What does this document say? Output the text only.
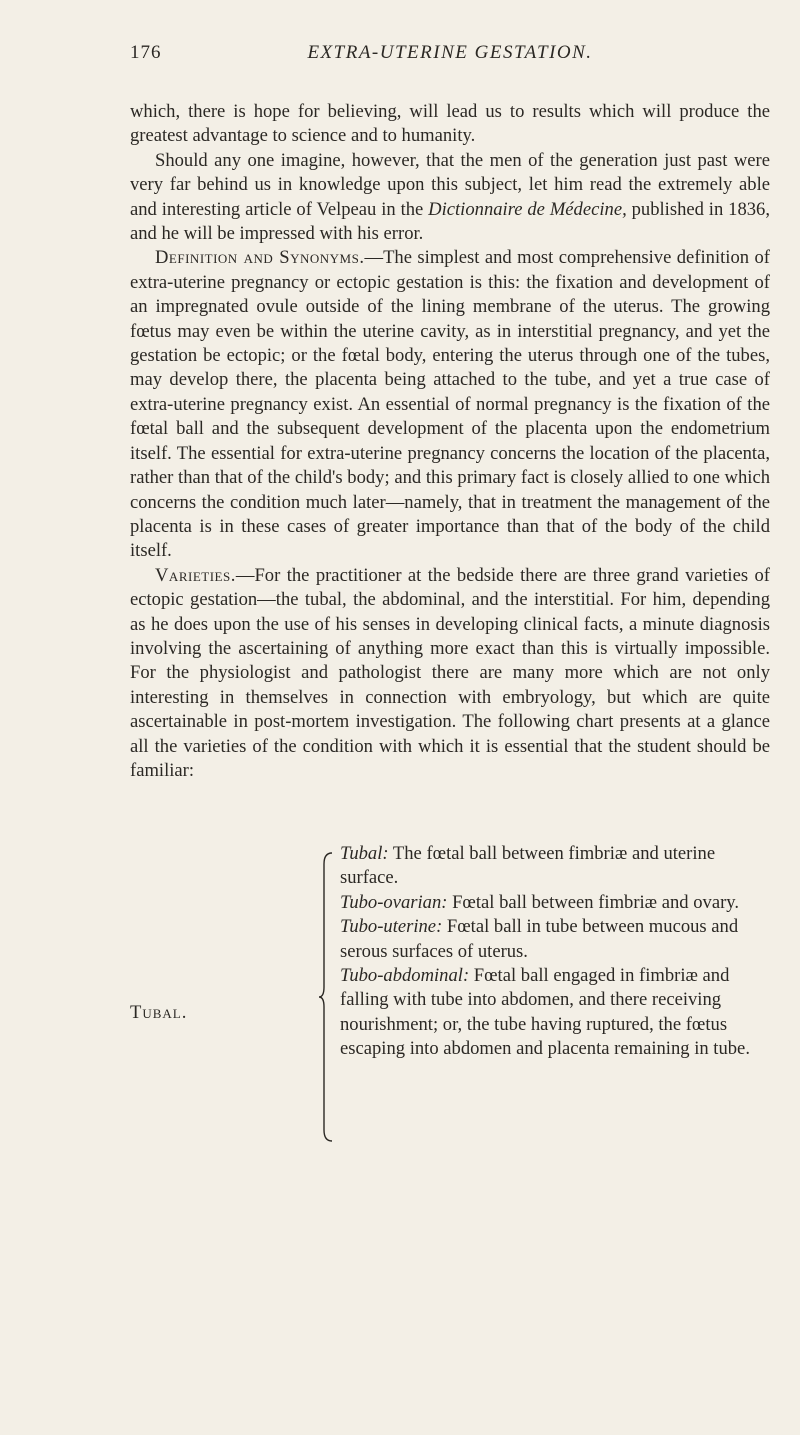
176	EXTRA-UTERINE GESTATION.

which, there is hope for believing, will lead us to results which will produce the greatest advantage to science and to humanity.

Should any one imagine, however, that the men of the generation just past were very far behind us in knowledge upon this subject, let him read the extremely able and interesting article of Velpeau in the Dictionnaire de Médecine, published in 1836, and he will be impressed with his error.

Definition and Synonyms.—The simplest and most comprehensive definition of extra-uterine pregnancy or ectopic gestation is this: the fixation and development of an impregnated ovule outside of the lining membrane of the uterus. The growing fœtus may even be within the uterine cavity, as in interstitial pregnancy, and yet the gestation be ectopic; or the fœtal body, entering the uterus through one of the tubes, may develop there, the placenta being attached to the tube, and yet a true case of extra-uterine pregnancy exist. An essential of normal pregnancy is the fixation of the fœtal ball and the subsequent development of the placenta upon the endometrium itself. The essential for extra-uterine pregnancy concerns the location of the placenta, rather than that of the child's body; and this primary fact is closely allied to one which concerns the condition much later—namely, that in treatment the management of the placenta is in these cases of greater importance than that of the body of the child itself.

Varieties.—For the practitioner at the bedside there are three grand varieties of ectopic gestation—the tubal, the abdominal, and the interstitial. For him, depending as he does upon the use of his senses in developing clinical facts, a minute diagnosis involving the ascertaining of anything more exact than this is virtually impossible. For the physiologist and pathologist there are many more which are not only interesting in themselves in connection with embryology, but which are quite ascertainable in post-mortem investigation. The following chart presents at a glance all the varieties of the condition with which it is essential that the student should be familiar:

Tubal.

Tubal: The fœtal ball between fimbriæ and uterine surface.

Tubo-ovarian: Fœtal ball between fimbriæ and ovary.

Tubo-uterine: Fœtal ball in tube between mucous and serous surfaces of uterus.

Tubo-abdominal: Fœtal ball engaged in fimbriæ and falling with tube into abdomen, and there receiving nourishment; or, the tube having ruptured, the fœtus escaping into abdomen and placenta remaining in tube.
